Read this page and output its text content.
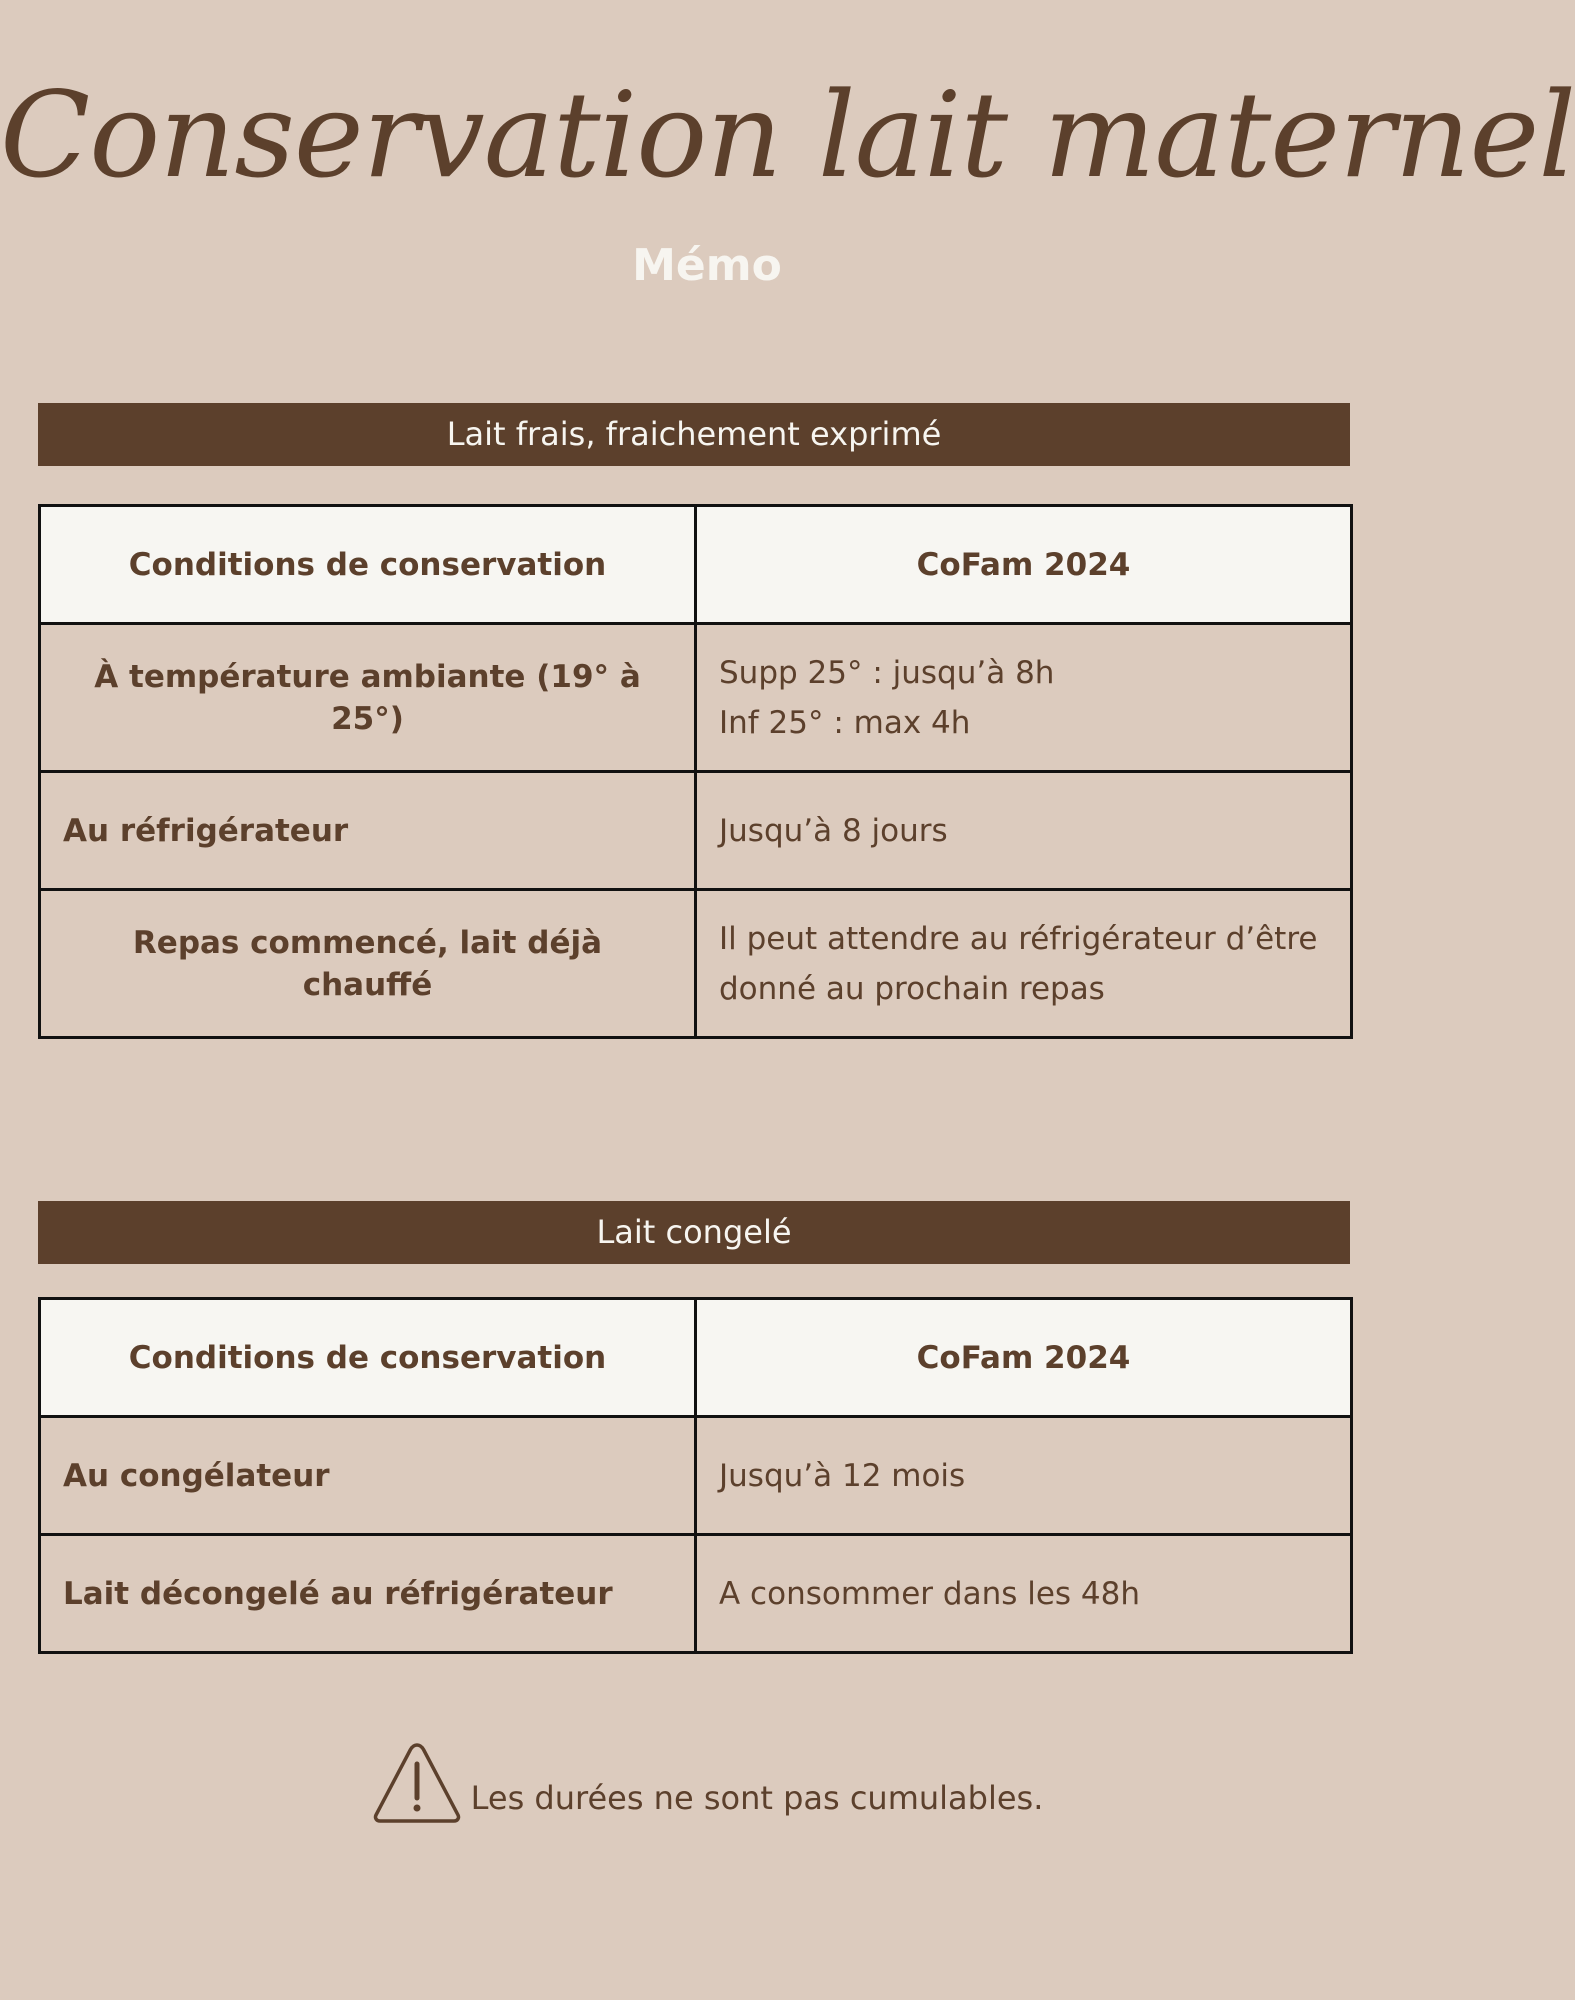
Conservation lait maternel
Mémo
Lait frais, fraichement exprimé
Conditions de conservation	CoFam 2024
À température ambiante (19° à 25°)	Supp 25° : jusqu’à 8h
Inf 25° : max 4h

Au réfrigérateur	Jusqu’à 8 jours

Repas commencé, lait déjà chauffé	Il peut attendre au réfrigérateur d’être
donné au prochain repas
Lait congelé
Conditions de conservation	CoFam 2024
Au congélateur	Jusqu’à 12 mois

Lait décongelé au réfrigérateur	A consommer dans les 48h
Les durées ne sont pas cumulables.
